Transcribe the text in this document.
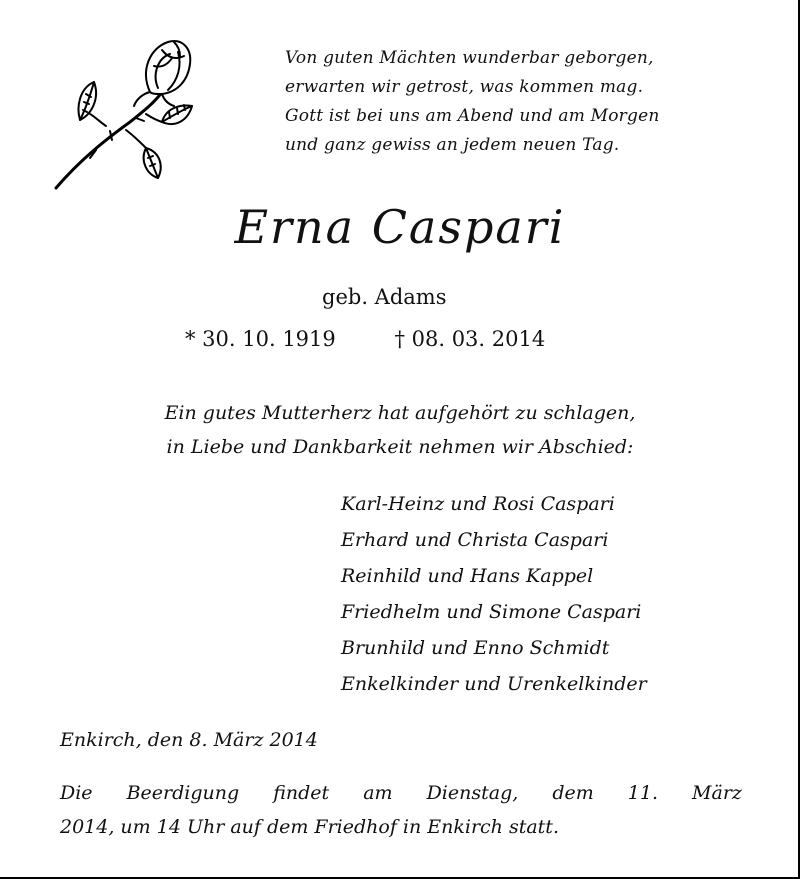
Von guten Mächten wunderbar geborgen,
erwarten wir getrost, was kommen mag.
Gott ist bei uns am Abend und am Morgen
und ganz gewiss an jedem neuen Tag.
Erna Caspari
geb. Adams
* 30. 10. 1919	† 08. 03. 2014
Ein gutes Mutterherz hat aufgehört zu schlagen,
in Liebe und Dankbarkeit nehmen wir Abschied:
Karl-Heinz und Rosi Caspari
Erhard und Christa Caspari
Reinhild und Hans Kappel
Friedhelm und Simone Caspari
Brunhild und Enno Schmidt
Enkelkinder und Urenkelkinder
Enkirch, den 8. März 2014
Die Beerdigung findet am Dienstag, dem 11. März
2014, um 14 Uhr auf dem Friedhof in Enkirch statt.
